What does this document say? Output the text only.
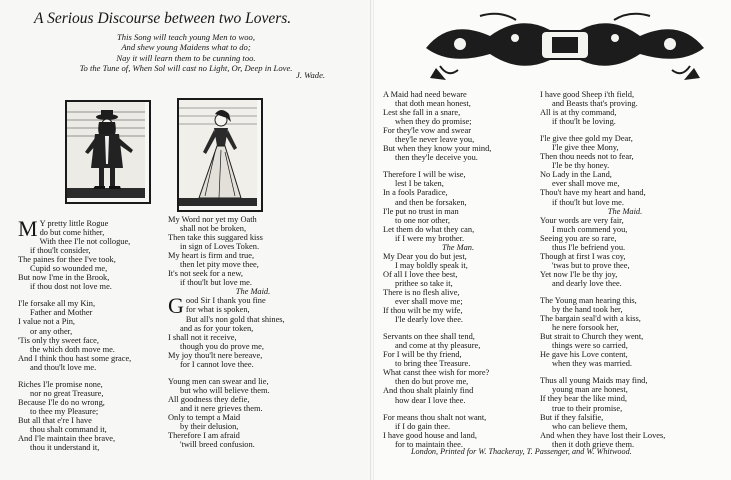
A Serious Discourse between two Lovers.
This Song will teach young Men to woo,
And shew young Maidens what to do;
Nay it will learn them to be cunning too.
To the Tune of, When Sol will cast no Light, Or, Deep in Love.
J. Wade.
M Y pretty little Rogue
do but come hither,
With thee I'le not collogue,
if thou'lt consider,
The paines for thee I've took,
Cupid so wounded me,
But now I'me in the Brook,
if thou dost not love me.
I'le forsake all my Kin,
Father and Mother
I value not a Pin,
or any other,
'Tis only thy sweet face,
the which doth move me.
And I think thou hast some grace,
and thou'lt love me.
Riches I'le promise none,
nor no great Treasure,
Because I'le do no wrong,
to thee my Pleasure;
But all that e're I have
thou shalt command it,
And I'le maintain thee brave,
thou it understand it,
My Word nor yet my Oath
shall not be broken,
Then take this suggared kiss
in sign of Loves Token.
My heart is firm and true,
then let pity move thee,
It's not seek for a new,
if thou'lt but love me.
The Maid.
Good Sir I thank you fine
for what is spoken,
But all's non gold that shines,
and as for your token,
I shall not it receive,
though you do prove me,
My joy thou'lt nere bereave,
for I cannot love thee.
Young men can swear and lie,
but who will believe them.
All goodness they defie,
and it nere grieves them.
Only to tempt a Maid
by their delusion,
Therefore I am afraid
'twill breed confusion.
A Maid had need beware
that doth mean honest,
Lest she fall in a snare,
when they do promise;
For they'le vow and swear
they'le never leave you,
But when they know your mind,
then they'le deceive you.
Therefore I will be wise,
lest I be taken,
In a fools Paradice,
and then be forsaken,
I'le put no trust in man
to one nor other,
Let them do what they can,
if I were my brother.
The Man.
My Dear you do but jest,
I may boldly speak it,
Of all I love thee best,
prithee so take it,
There is no flesh alive,
ever shall move me;
If thou wilt be my wife,
I'le dearly love thee.
Servants on thee shall tend,
and come at thy pleasure,
For I will be thy friend,
to bring thee Treasure.
What canst thee wish for more?
then do but prove me,
And thou shalt plainly find
how dear I love thee.
For means thou shalt not want,
if I do gain thee.
I have good house and land,
for to maintain thee.
I have good Sheep i'th field,
and Beasts that's proving.
All is at thy command,
if thou'lt be loving.
I'le give thee gold my Dear,
I'le give thee Mony,
Then thou needs not to fear,
I'le be thy honey.
No Lady in the Land,
ever shall move me,
Thou't have my heart and hand,
if thou'lt but love me.
The Maid.
Your words are very fair,
I much commend you,
Seeing you are so rare,
thus I'le befriend you.
Though at first I was coy,
'twas but to prove thee,
Yet now I'le be thy joy,
and dearly love thee.
The Young man hearing this,
by the hand took her,
The bargain seal'd with a kiss,
he nere forsook her,
But strait to Church they went,
things were so carried,
He gave his Love content,
when they was married.
Thus all young Maids may find,
young man are honest,
If they bear the like mind,
true to their promise,
But if they falsifie,
who can believe them,
And when they have lost their Loves,
then it doth grieve them.
London, Printed for W. Thackeray, T. Passenger, and W. Whitwood.
